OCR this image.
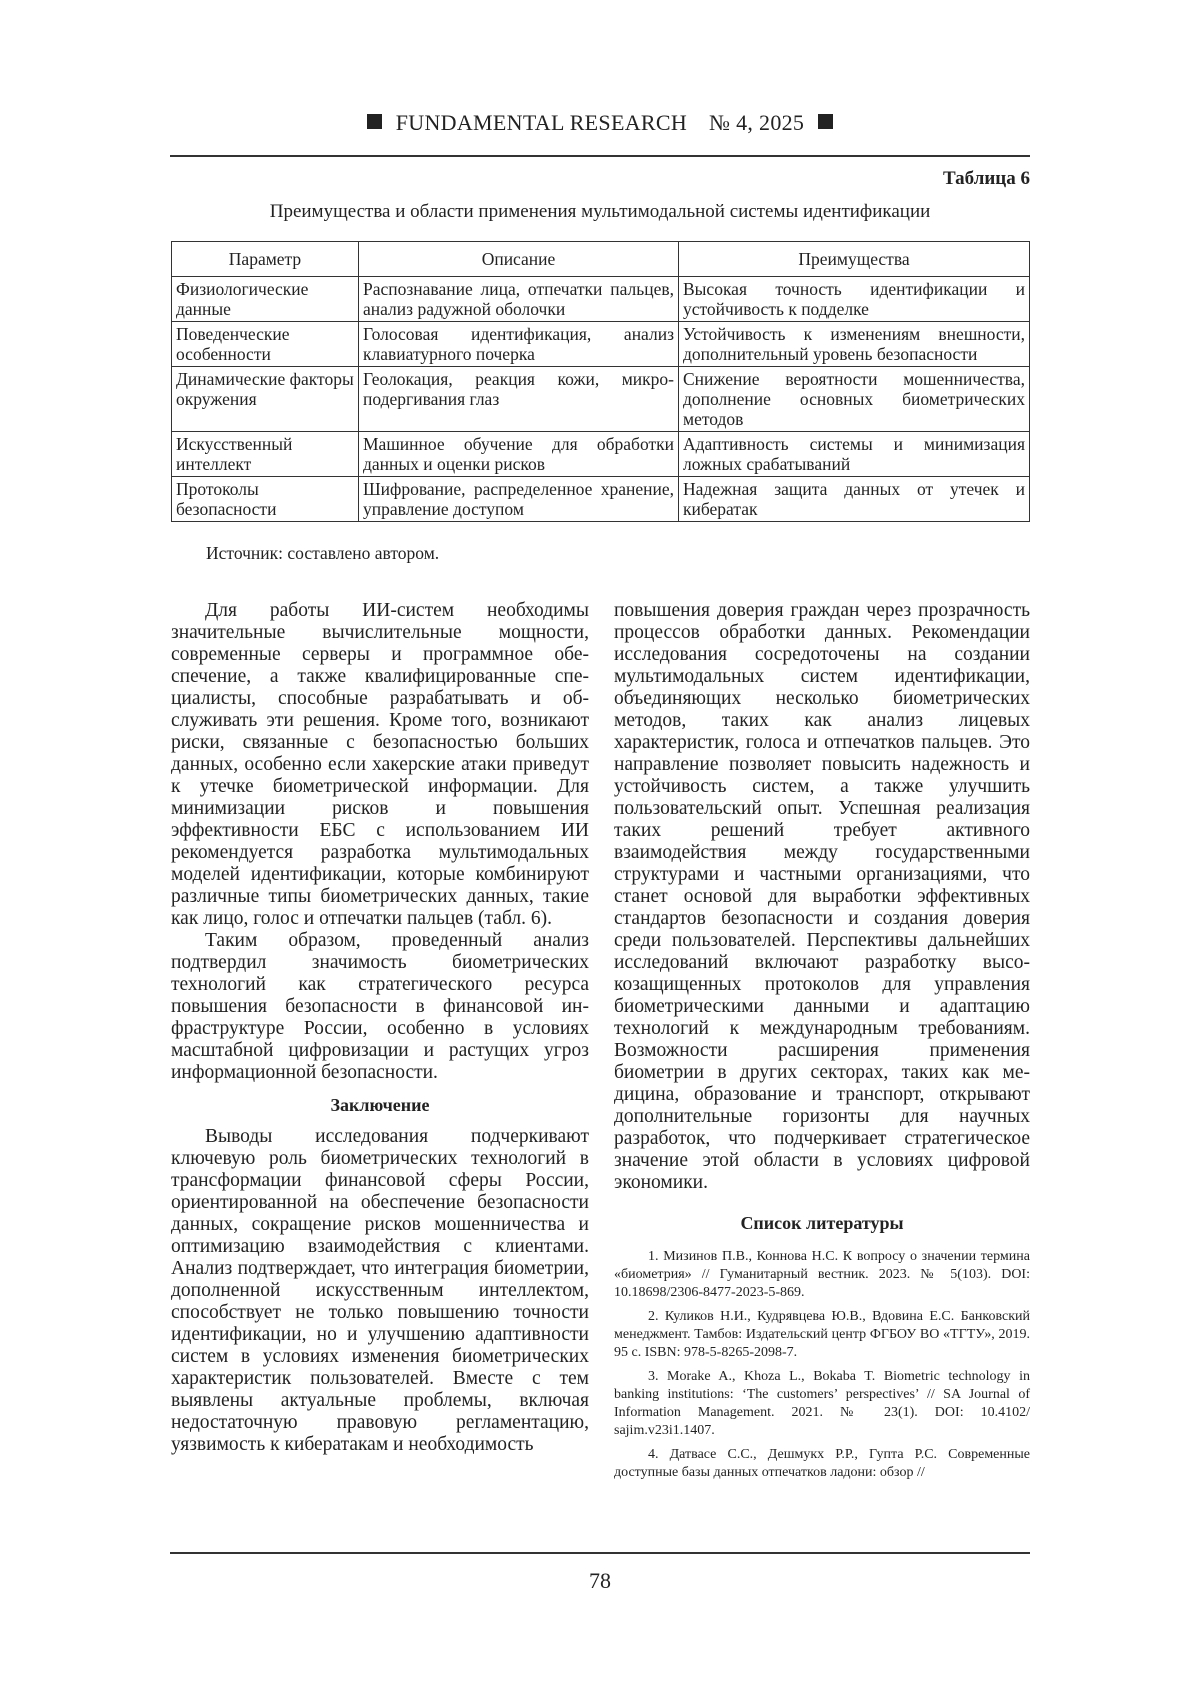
FUNDAMENTAL RESEARCH № 4, 2025
Таблица 6
Преимущества и области применения мультимодальной системы идентификации
Параметр	Описание	Преимущества
Физиологические данные	Распознавание лица, отпечатки пальцев, анализ радужной оболочки	Высокая точность идентификации и устойчивость к подделке
Поведенческие особенности	Голосовая идентификация, анализ клавиатурного почерка	Устойчивость к изменениям внешности, дополнительный уровень безопасности
Динамические факторы окружения	Геолокация, реакция кожи, микроподергивания глаз	Снижение вероятности мошенничества, дополнение основных биометрических методов
Искусственный интеллект	Машинное обучение для обработки данных и оценки рисков	Адаптивность системы и минимизация ложных срабатываний
Протоколы безопасности	Шифрование, распределенное хранение, управление доступом	Надежная защита данных от утечек и кибератак
Источник: составлено автором.

Для работы ИИ-систем необходимы значительные вычислительные мощности, современные серверы и программное обеспечение, а также квалифицированные специалисты, способные разрабатывать и обслуживать эти решения. Кроме того, возникают риски, связанные с безопасностью больших данных, особенно если хакерские атаки приведут к утечке биометрической информации. Для минимизации рисков и повышения эффективности ЕБС с использованием ИИ рекомендуется разработка мультимодальных моделей идентификации, которые комбинируют различные типы биометрических данных, такие как лицо, голос и отпечатки пальцев (табл. 6).

Таким образом, проведенный анализ подтвердил значимость биометрических технологий как стратегического ресурса повышения безопасности в финансовой инфраструктуре России, особенно в условиях масштабной цифровизации и растущих угроз информационной безопасности.

Заключение

Выводы исследования подчеркивают ключевую роль биометрических технологий в трансформации финансовой сферы России, ориентированной на обеспечение безопасности данных, сокращение рисков мошенничества и оптимизацию взаимодействия с клиентами. Анализ подтверждает, что интеграция биометрии, дополненной искусственным интеллектом, способствует не только повышению точности идентификации, но и улучшению адаптивности систем в условиях изменения биометрических характеристик пользователей. Вместе с тем выявлены актуальные проблемы, включая недостаточную правовую регламентацию, уязвимость к кибератакам и необходимость

повышения доверия граждан через прозрачность процессов обработки данных. Рекомендации исследования сосредоточены на создании мультимодальных систем идентификации, объединяющих несколько биометрических методов, таких как анализ лицевых характеристик, голоса и отпечатков пальцев. Это направление позволяет повысить надежность и устойчивость систем, а также улучшить пользовательский опыт. Успешная реализация таких решений требует активного взаимодействия между государственными структурами и частными организациями, что станет основой для выработки эффективных стандартов безопасности и создания доверия среди пользователей. Перспективы дальнейших исследований включают разработку высокозащищенных протоколов для управления биометрическими данными и адаптацию технологий к международным требованиям. Возможности расширения применения биометрии в других секторах, таких как медицина, образование и транспорт, открывают дополнительные горизонты для научных разработок, что подчеркивает стратегическое значение этой области в условиях цифровой экономики.

Список литературы

1. Мизинов П.В., Коннова Н.С. К вопросу о значении термина «биометрия» // Гуманитарный вестник. 2023. № 5(103). DOI: 10.18698/2306-8477-2023-5-869.

2. Куликов Н.И., Кудрявцева Ю.В., Вдовина Е.С. Банковский менеджмент. Тамбов: Издательский центр ФГБОУ ВО «ТГТУ», 2019. 95 с. ISBN: 978-5-8265-2098-7.

3. Morake A., Khoza L., Bokaba T. Biometric technology in banking institutions: ‘The customers’ perspectives’ // SA Journal of Information Management. 2021. № 23(1). DOI: 10.4102/ sajim.v23i1.1407.

4. Датвасе С.С., Дешмукх Р.Р., Гупта Р.С. Современные доступные базы данных отпечатков ладони: обзор //

78
